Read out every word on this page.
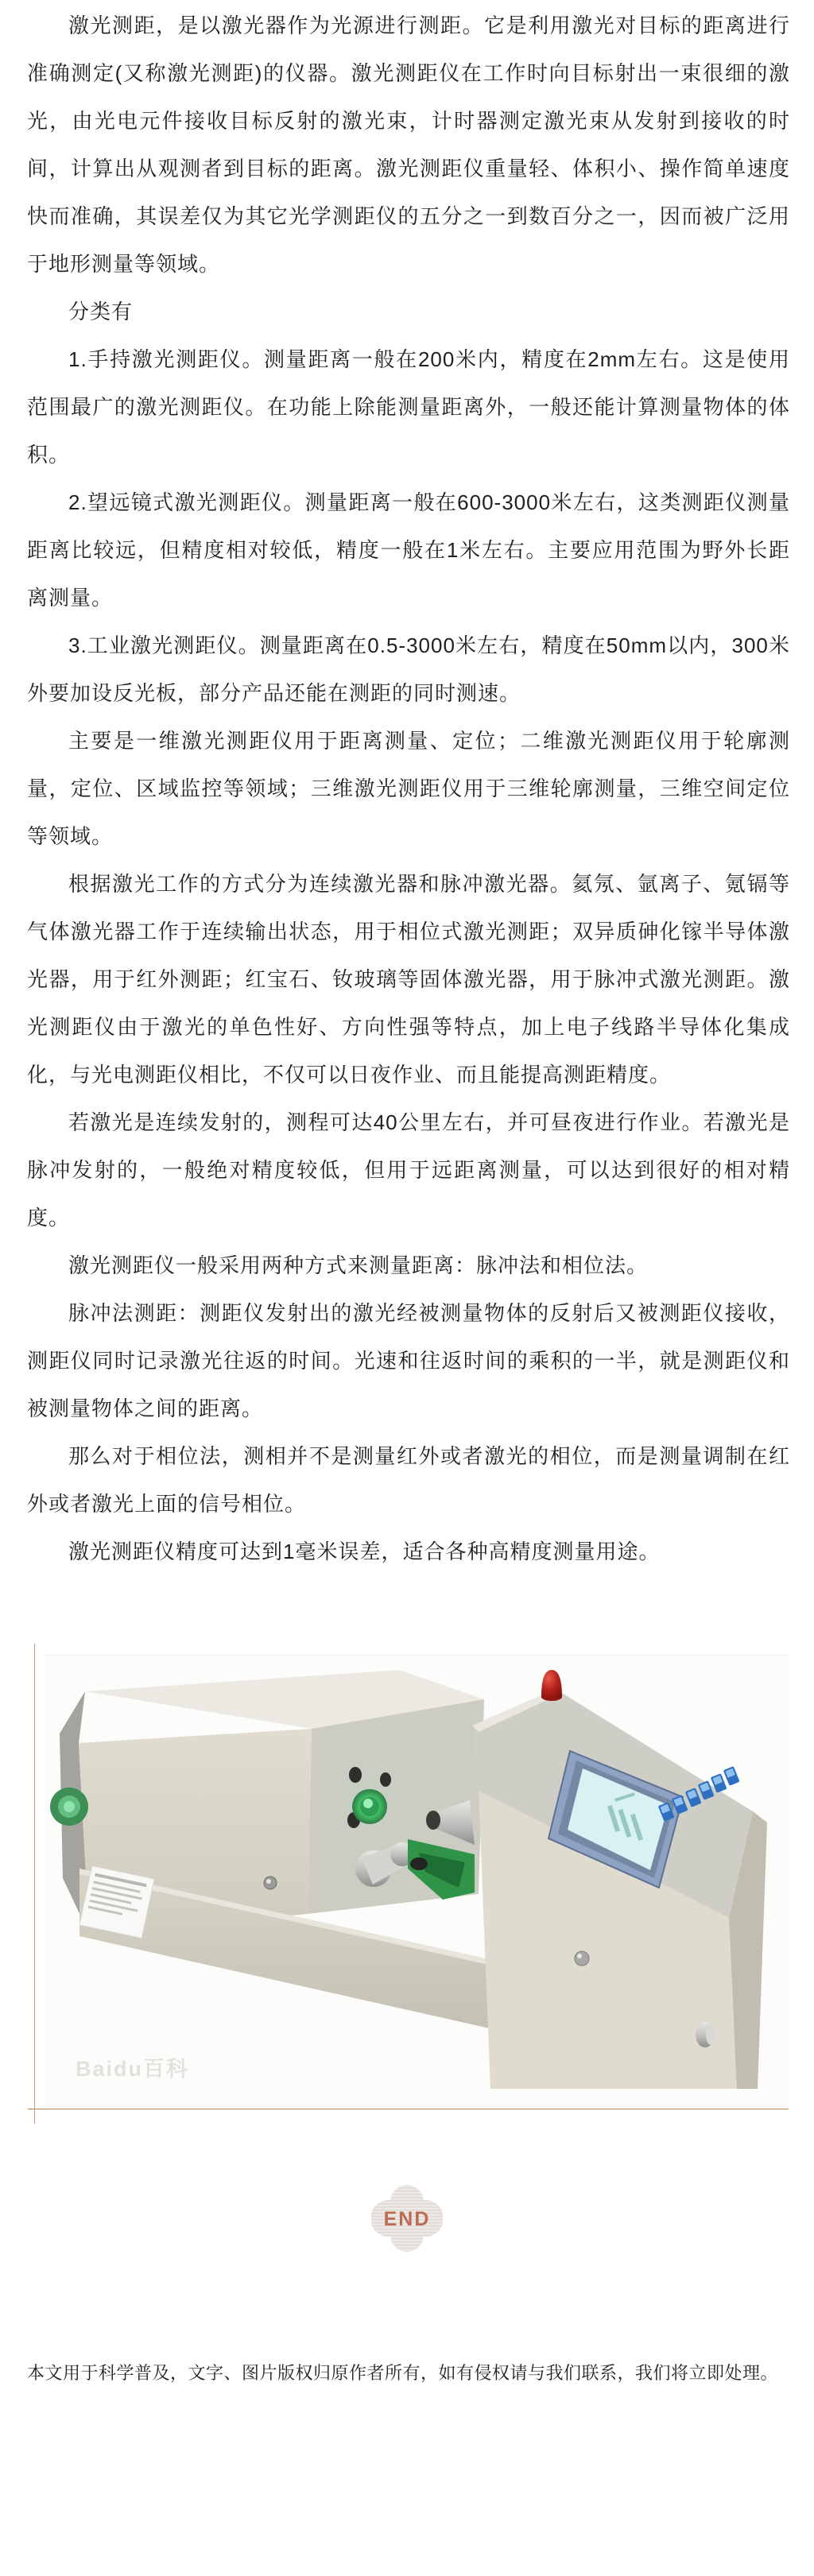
激光测距，是以激光器作为光源进行测距。它是利用激光对目标的距离进行准确测定(又称激光测距)的仪器。激光测距仪在工作时向目标射出一束很细的激光，由光电元件接收目标反射的激光束，计时器测定激光束从发射到接收的时间，计算出从观测者到目标的距离。激光测距仪重量轻、体积小、操作简单速度快而准确，其误差仅为其它光学测距仪的五分之一到数百分之一，因而被广泛用于地形测量等领域。

分类有

1.手持激光测距仪。测量距离一般在200米内，精度在2mm左右。这是使用范围最广的激光测距仪。在功能上除能测量距离外，一般还能计算测量物体的体积。

2.望远镜式激光测距仪。测量距离一般在600-3000米左右，这类测距仪测量距离比较远，但精度相对较低，精度一般在1米左右。主要应用范围为野外长距离测量。

3.工业激光测距仪。测量距离在0.5-3000米左右，精度在50mm以内，300米外要加设反光板，部分产品还能在测距的同时测速。

主要是一维激光测距仪用于距离测量、定位；二维激光测距仪用于轮廓测量，定位、区域监控等领域；三维激光测距仪用于三维轮廓测量，三维空间定位等领域。

根据激光工作的方式分为连续激光器和脉冲激光器。氦氖、氩离子、氪镉等气体激光器工作于连续输出状态，用于相位式激光测距；双异质砷化镓半导体激光器，用于红外测距；红宝石、钕玻璃等固体激光器，用于脉冲式激光测距。激光测距仪由于激光的单色性好、方向性强等特点，加上电子线路半导体化集成化，与光电测距仪相比，不仅可以日夜作业、而且能提高测距精度。

若激光是连续发射的，测程可达40公里左右，并可昼夜进行作业。若激光是脉冲发射的，一般绝对精度较低，但用于远距离测量，可以达到很好的相对精度。

激光测距仪一般采用两种方式来测量距离：脉冲法和相位法。

脉冲法测距：测距仪发射出的激光经被测量物体的反射后又被测距仪接收，测距仪同时记录激光往返的时间。光速和往返时间的乘积的一半，就是测距仪和被测量物体之间的距离。

那么对于相位法，测相并不是测量红外或者激光的相位，而是测量调制在红外或者激光上面的信号相位。

激光测距仪精度可达到1毫米误差，适合各种高精度测量用途。

Baidu百科
END

本文用于科学普及，文字、图片版权归原作者所有，如有侵权请与我们联系，我们将立即处理。
